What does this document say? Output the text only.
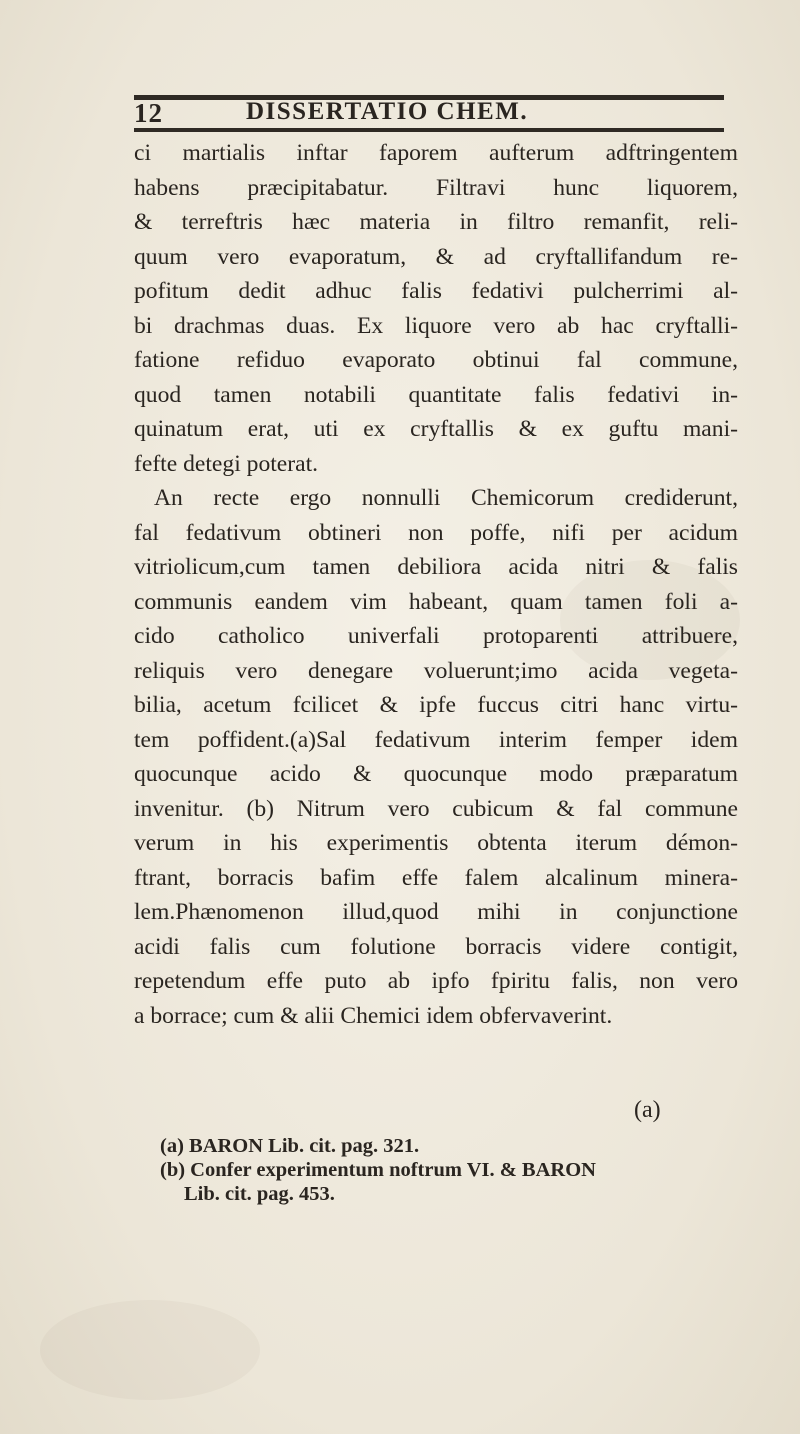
12	DISSERTATIO CHEM.
ci martialis inftar faporem aufterum adftringentem
habens præcipitabatur. Filtravi hunc liquorem,
& terreftris hæc materia in filtro remanfit, reli-
quum vero evaporatum, & ad cryftallifandum re-
pofitum dedit adhuc falis fedativi pulcherrimi al-
bi drachmas duas. Ex liquore vero ab hac cryftalli-
fatione refiduo evaporato obtinui fal commune,
quod tamen notabili quantitate falis fedativi in-
quinatum erat, uti ex cryftallis & ex guftu mani-
fefte detegi poterat.
An recte ergo nonnulli Chemicorum crediderunt,
fal fedativum obtineri non poffe, nifi per acidum
vitriolicum,cum tamen debiliora acida nitri & falis
communis eandem vim habeant, quam tamen foli a-
cido catholico univerfali protoparenti attribuere,
reliquis vero denegare voluerunt;imo acida vegeta-
bilia, acetum fcilicet & ipfe fuccus citri hanc virtu-
tem poffident.(a)Sal fedativum interim femper idem
quocunque acido & quocunque modo præparatum
invenitur. (b) Nitrum vero cubicum & fal commune
verum in his experimentis obtenta iterum démon-
ftrant, borracis bafim effe falem alcalinum minera-
lem.Phænomenon illud,quod mihi in conjunctione
acidi falis cum folutione borracis videre contigit,
repetendum effe puto ab ipfo fpiritu falis, non vero
a borrace; cum & alii Chemici idem obfervaverint.
(a)
(a) BARON Lib. cit. pag. 321.
(b) Confer experimentum noftrum VI. & BARON
Lib. cit. pag. 453.
